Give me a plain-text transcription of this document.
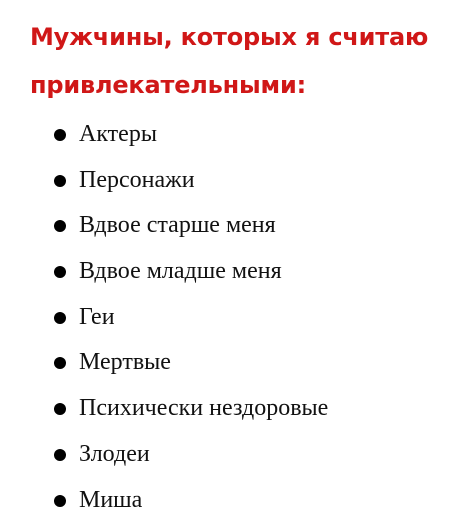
Мужчины, которых я считаю
привлекательными:
Актеры
Персонажи
Вдвое старше меня
Вдвое младше меня
Геи
Мертвые
Психически нездоровые
Злодеи
Миша
